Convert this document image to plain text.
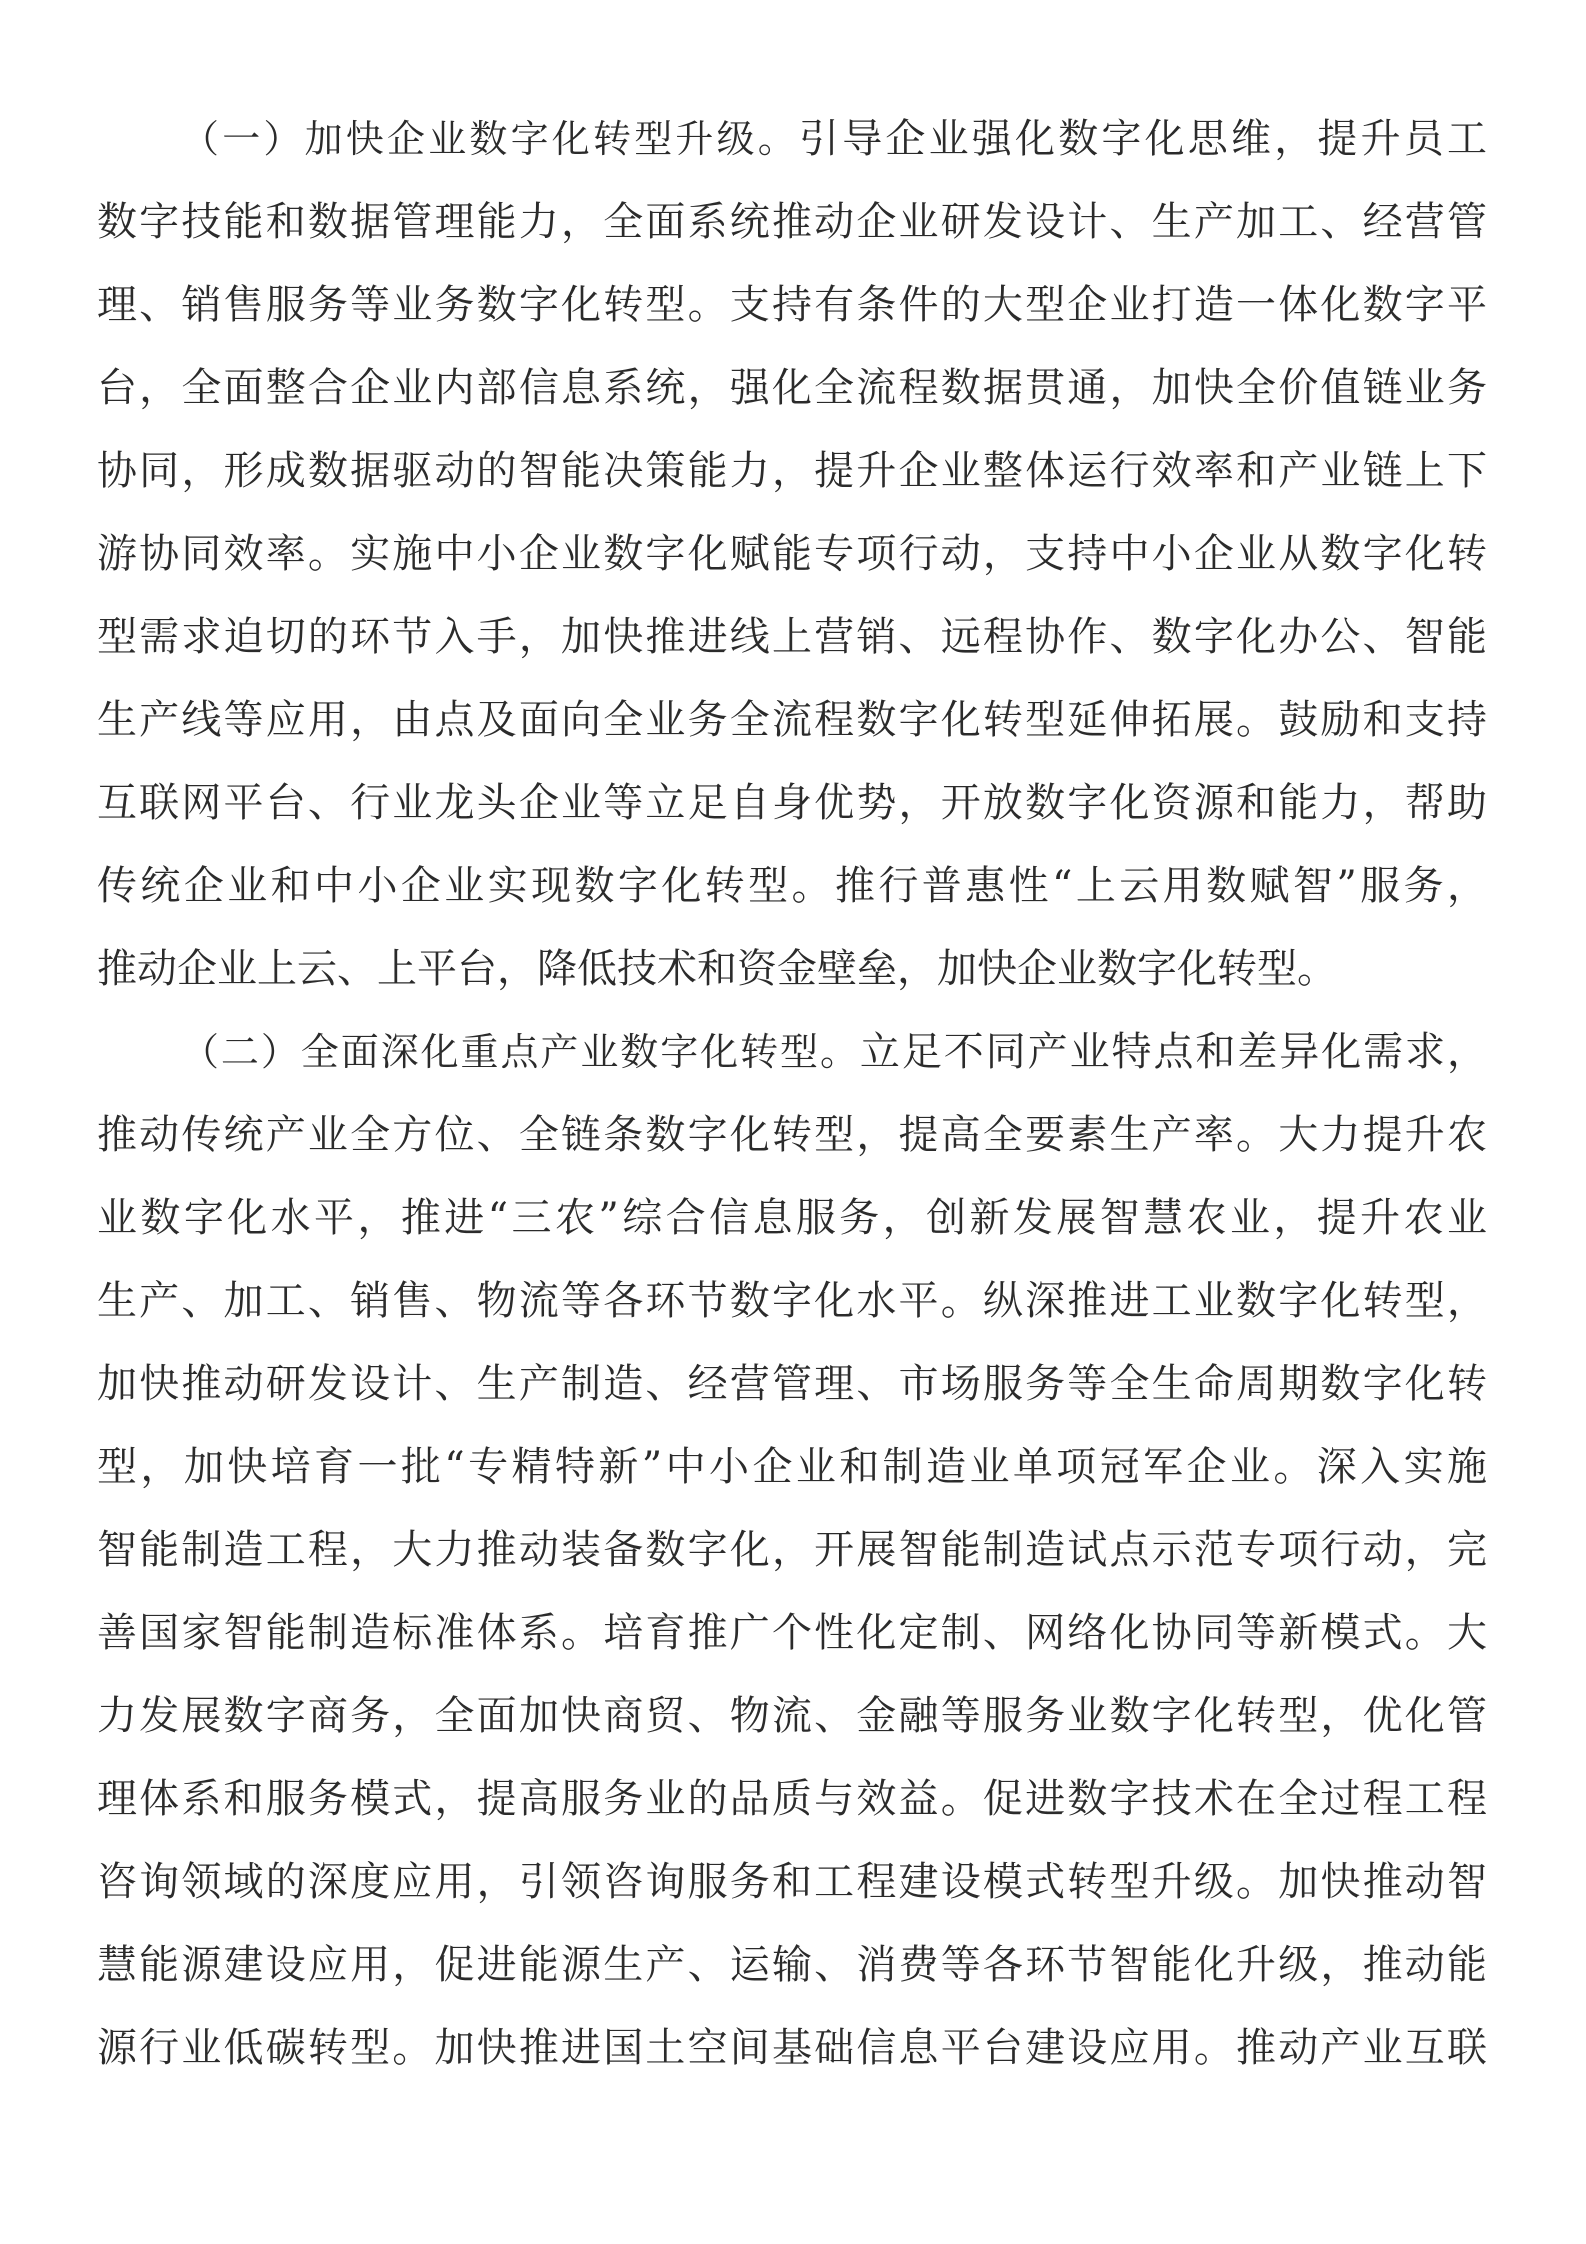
（一）加快企业数字化转型升级。引导企业强化数字化思维，提升员工
数字技能和数据管理能力，全面系统推动企业研发设计、生产加工、经营管
理、销售服务等业务数字化转型。支持有条件的大型企业打造一体化数字平
台，全面整合企业内部信息系统，强化全流程数据贯通，加快全价值链业务
协同，形成数据驱动的智能决策能力，提升企业整体运行效率和产业链上下
游协同效率。实施中小企业数字化赋能专项行动，支持中小企业从数字化转
型需求迫切的环节入手，加快推进线上营销、远程协作、数字化办公、智能
生产线等应用，由点及面向全业务全流程数字化转型延伸拓展。鼓励和支持
互联网平台、行业龙头企业等立足自身优势，开放数字化资源和能力，帮助
传统企业和中小企业实现数字化转型。推行普惠性“上云用数赋智”服务，
推动企业上云、上平台，降低技术和资金壁垒，加快企业数字化转型。
（二）全面深化重点产业数字化转型。立足不同产业特点和差异化需求，
推动传统产业全方位、全链条数字化转型，提高全要素生产率。大力提升农
业数字化水平，推进“三农”综合信息服务，创新发展智慧农业，提升农业
生产、加工、销售、物流等各环节数字化水平。纵深推进工业数字化转型，
加快推动研发设计、生产制造、经营管理、市场服务等全生命周期数字化转
型，加快培育一批“专精特新”中小企业和制造业单项冠军企业。深入实施
智能制造工程，大力推动装备数字化，开展智能制造试点示范专项行动，完
善国家智能制造标准体系。培育推广个性化定制、网络化协同等新模式。大
力发展数字商务，全面加快商贸、物流、金融等服务业数字化转型，优化管
理体系和服务模式，提高服务业的品质与效益。促进数字技术在全过程工程
咨询领域的深度应用，引领咨询服务和工程建设模式转型升级。加快推动智
慧能源建设应用，促进能源生产、运输、消费等各环节智能化升级，推动能
源行业低碳转型。加快推进国土空间基础信息平台建设应用。推动产业互联
